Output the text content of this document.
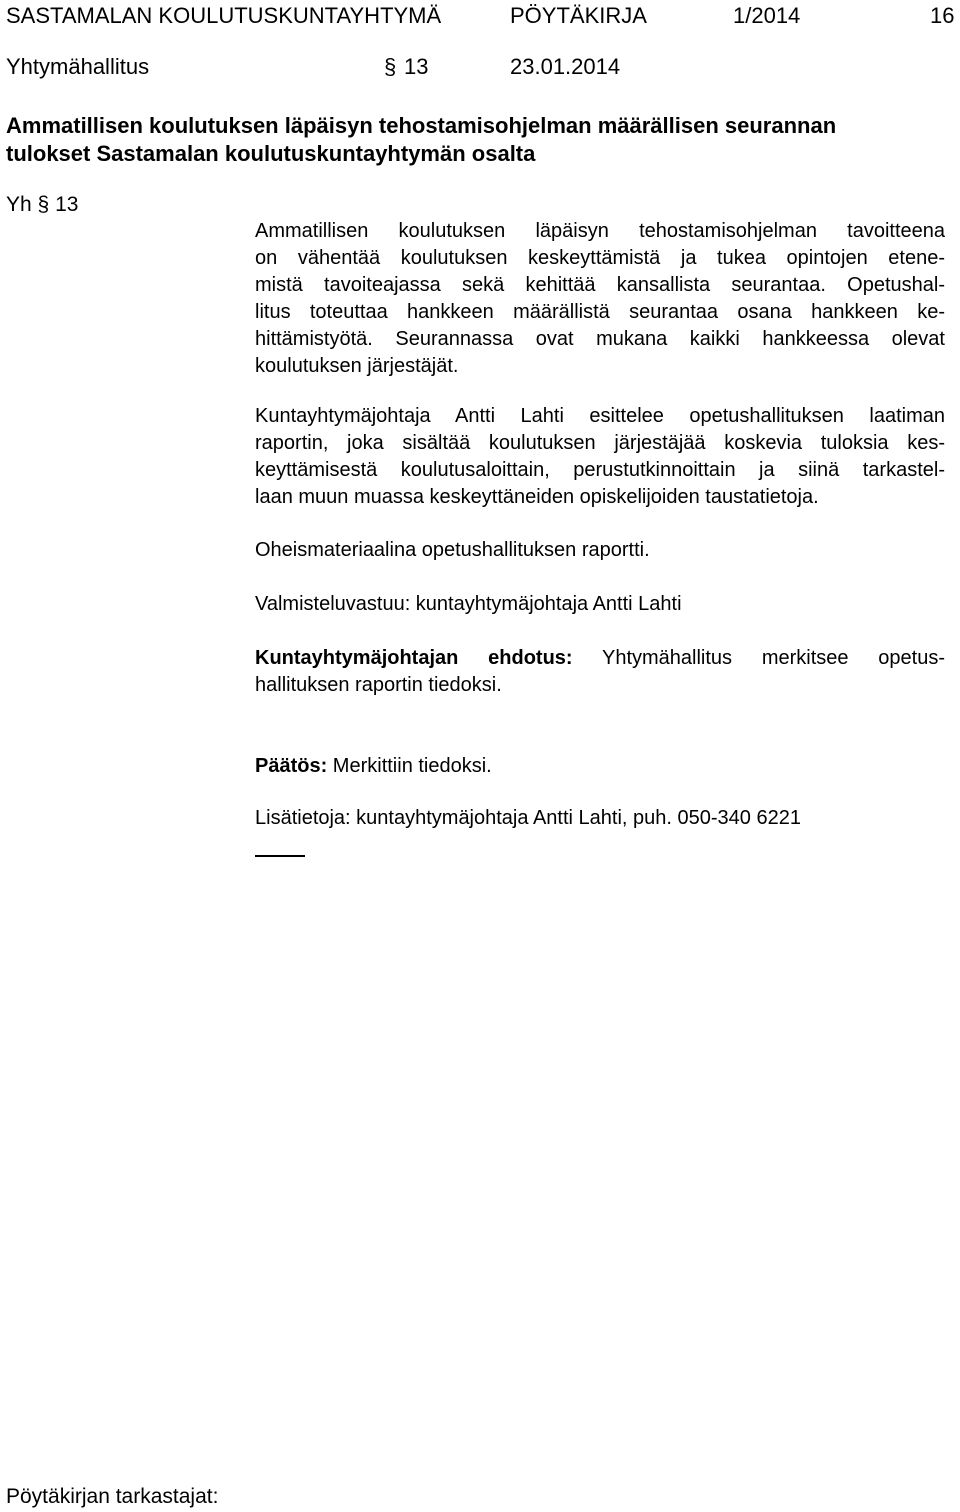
SASTAMALAN KOULUTUSKUNTAYHTYMÄ	PÖYTÄKIRJA	1/2014	16
Yhtymähallitus	§ 13	23.01.2014
Ammatillisen koulutuksen läpäisyn tehostamisohjelman määrällisen seurannan
tulokset Sastamalan koulutuskuntayhtymän osalta
Yh § 13
Ammatillisen koulutuksen läpäisyn tehostamisohjelman tavoitteena
on vähentää koulutuksen keskeyttämistä ja tukea opintojen etene-
mistä tavoiteajassa sekä kehittää kansallista seurantaa. Opetushal-
litus toteuttaa hankkeen määrällistä seurantaa osana hankkeen ke-
hittämistyötä. Seurannassa ovat mukana kaikki hankkeessa olevat
koulutuksen järjestäjät.
Kuntayhtymäjohtaja Antti Lahti esittelee opetushallituksen laatiman
raportin, joka sisältää koulutuksen järjestäjää koskevia tuloksia kes-
keyttämisestä koulutusaloittain, perustutkinnoittain ja siinä tarkastel-
laan muun muassa keskeyttäneiden opiskelijoiden taustatietoja.
Oheismateriaalina opetushallituksen raportti.
Valmisteluvastuu: kuntayhtymäjohtaja Antti Lahti
Kuntayhtymäjohtajan ehdotus: Yhtymähallitus merkitsee opetus-
hallituksen raportin tiedoksi.
Päätös: Merkittiin tiedoksi.
Lisätietoja: kuntayhtymäjohtaja Antti Lahti, puh. 050-340 6221
Pöytäkirjan tarkastajat:
